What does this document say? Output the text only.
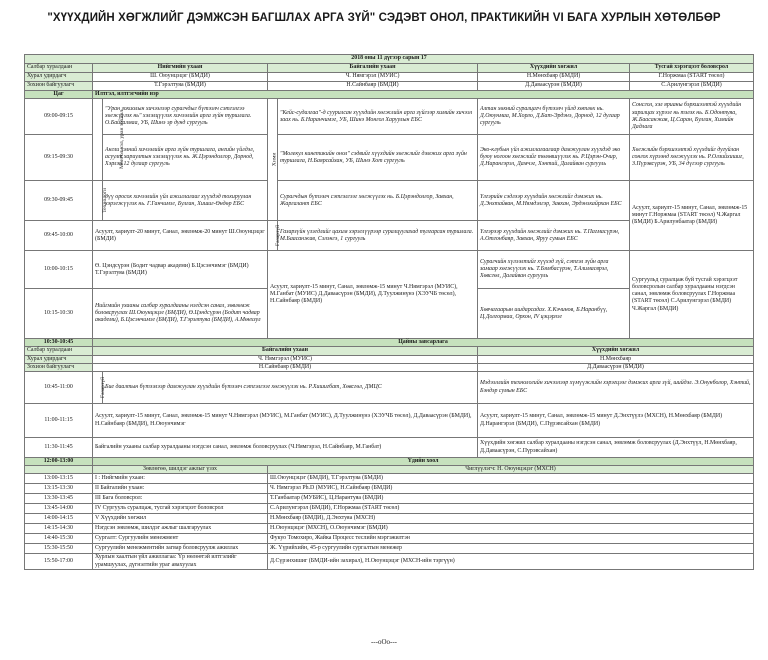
"ХҮҮХДИЙН ХӨГЖЛИЙГ ДЭМЖСЭН БАГШЛАХ АРГА ЗҮЙ" СЭДЭВТ ОНОЛ, ПРАКТИКИЙН VI БАГА ХУРЛЫН ХӨТӨЛБӨР
2018 оны 11 дүгээр сарын 17						
Салбар хуралдаан	Нийгмийн ухаан		Байгалийн ухаан		Хүүхдийн хөгжил	Тусгай хэрэгцээт боловсрол
Хурал удирдагч	Ш. Оюунцэцэг (БМДИ)		Ч. Нямгэрэл (МУИС)		Н.Мөнхбаяр (БМДИ)	Г.Норжмаа (START төсөл)
Зохион байгуулагч	Т.Гэрэлтуяа (БМДИ)		Н.Сайнбаяр (БМДИ)		Д.Даваасүрэн (БМДИ)	С.Арилунгэрэл (БМДИ)
Цаг	Илтгэл, илтгэгчийн нэр					
09:00-09:15	Монгол хэл, уран зохиол	"Уран зохиолын хичээлээр сурагчдыг бүтээлч сэтгэлгээ хөгжүүлэх нь" хэлэлцүүлэх хичээлийн арга зүйн туршлага. О.Байгалмаа, УБ, Шинэ эр дунд сургууль	Хими	"Кейс-судалгаа"-д суурилсан хүүхдийн хөгжлийн арга зүйгээр химийн хичээл заах нь. Б.Наранчимэг, УБ, Шинэ Монгол Харуулын ЕБС	Алтан хөхний суралцагч бүтээлч үйлд хөтлөх нь. Д.Оюунмаа, М.Хорло, Д.Бат-Эрдэнэ, Дорнод, 12 дугаар сургууль	Сонсгол, хэл ярианы бэрхшээлтэй хүүхдийн харилцах хүрээг нь тэлэх нь. Б.Одонтуяа, Ж.Баасанжав, Ц.Саран, Булган, Химийн Дадлага
09:15-09:30		Англи хэлний хичээлийн арга зүйн туршлага, ангийн үйлдэл, асуулт хариултын хэлэлцүүлэх нь. Ж.Цэрэндолгор, Дорнод, Хэрлэн 12 дугаар сургууль		"Молекул кинетикийн онол" сэдвийг хүүхдийн хөгжлийг дэмжих арга зүйн туршлага, Н.Баярсайхан, УБ, Шинэ Хот сургууль	Эко-клубын үйл ажиллагаагаар дамжуулан хүүхдэд эко буюу ногоон хөгжлийг төлөвшүүлэх нь. Р.Цэрэн-Очир, Д.Нарангэрэл, Дамчэг, Хэнтий, Далайван сургууль	Хөгжлийн бэрхшээлтэй хүүхдийг дугуйлан сонгох хүрээнд хөгжүүлэх нь. Р.Олзийхишиг, З.Пүрэвсүрэн, УБ, 34 дүгээр сургууль
09:30-09:45	Технологи	Зүү оросох хичээлийн үйл ажиллагааг хүүхдэд тохируулан хэрэгжүүлэх нь. Г.Ганчимэг, Булган, Хишиг-Өндөр ЕБС		Сурагчдын бүтээлч сэтгэлгээг хөгжүүлэх нь. Б.Цэрэндолгор, Завхан, Жаргалант ЕБС	Үлгэрийн сэдлээр хүүхдийн хөгжлийг дэмжих нь. Д.Энхтайван, М.Нямдэлгэр, Завхан, Эрдэнэхайрхан ЕБС	Асуулт, хариулт-15 минут, Санал, зөвлөмж-15 минут Г.Норжмаа (START төсөл) Ч.Жаргал (БМДИ) Б.Арилунбаатар (БМДИ)
09:45-10:00	Асуулт, хариулт-20 минут, Санал, зөвлөмж-20 минут Ш.Оюунцэцэг (БМДИ)		Газарзүй	Газарзүйн үзэгдлийг цахим хэрэглүүрээр суралцуулахад тулгарсан туршлага. М.Баасанжав, Сэлэнгэ, 1 сургууль	Үлгэрээр хүүхдийн хөгжлийг дэмжих нь. Т.Пагмасүрэн, А.Отгонбаяр, Завхан, Яруу сумын ЕБС	
10:00-10:15	Ө. Цэндсүрэн (Бодит чадвар академи) Б.Цэсэнчимэг (БМДИ) Т.Гэрэлтуяа (БМДИ)		Асуулт, хариулт-15 минут, Санал, зөвлөмж-15 минут Ч.Нямгэрэл (МУИС), М.Ганбат (МУИС) Д.Даваасүрэн (БМДИ), Д.Туулжинүнэ (ХЭУЧБ төсөл), Н.Сайнбаяр (БМДИ)		Сурагчийн хүлээлтийг хүүхэд зүй, сэтгэл зүйн арга замаар хөгжүүлэх нь. Т.Бямбасүрэн, Т.Алимасврэл, Хөвсгөл, Далайван сургууль	Сургуульд суралцаж буй тусгай хэрэгцээт боловсролын салбар хуралдааны нэгдсэн санал, зөвлөмж боловсруулах Г.Норжмаа (START төсөл) С.Арилунгэрэл (БМДИ) Ч.Жаргал (БМДИ)
10:15-10:30	Нийгмийн ухааны салбар хуралдааны нэгдсэн санал, зөвлөмж боловсруулах Ш.Оюунцэцэг (БМДИ), Ө.Цэндсүрэн (Бодит чадвар академи), Б.Цэсэнчимэг (БМДИ), Т.Гэрэлтуяа (БМДИ), А.Мөнхзул				Хөвчагаарын ишдарсадах. Х.Кэчинов, Б.Наранбүү, Ц.Долгормаа, Орхон, IV цэцэрлэг	
10:30-10:45	Цайны завсарлага					
Салбар хуралдаан	Байгалийн ухаан				Хүүхдийн хөгжил	
Хурал удирдагч	Ч. Нямгэрэл (МУИС)				Н.Мөнхбаяр	
Зохион байгуулагч	Н.Сайнбаяр (БМДИ)				Д.Даваасүрэн (БМДИ)	
10:45-11:00	Газарзүй	Бие даалтын бүтээлээр дамжуулан хүүхдийн бүтээлч сэтгэлгээг хөгжүүлэх нь. Р.Хишигбат, Хөвсгөл, ДМЦС			Мэдээллийн технологийн хичээлээр хүмүүжлийн хэрэгцээг дэмжих арга зүй, шийдэл. Э.Онунболор, Хэнтий, Бэндэр сумын ЕБС	
11:00-11:15	Асуулт, хариулт-15 минут, Санал, зөвлөмж-15 минут Ч.Нямгэрэл (МУИС), М.Ганбат (МУИС), Д.Туулжинүнэ (ХЭУЧБ төсөл), Д.Даваасүрэн (БМДИ), Н.Сайнбаяр (БМДИ), Н.Оюунчимэг				Асуулт, хариулт-15 минут, Санал, зөвлөмж-15 минут Д.Энхтүүлэ (МХСН), Н.Мөнхбаяр (БМДИ) Д.Нарангэрэл (БМДИ), С.Пүрэвсайхан (БМДИ)	
11:30-11:45	Байгалийн ухааны салбар хуралдааны нэгдсэн санал, зөвлөмж боловсруулах (Ч.Нямгэрэл, Н.Сайнбаяр, М.Ганбат)				Хүүхдийн хөгжил салбар хуралдааны нэгдсэн санал, зөвлөмж боловсруулах (Д.Энхтүүл, Н.Мөнхбаяр, Д.Даваасүрэн, С.Пүрэвсайхан)	
12:00-13:00	Үдийн хоол					
	Зөвлөгөө, шилдэг ажлыг үзэх		Чиглүүлэгч: Н. Оюунцэцэг (МХСН)			
13:00-13:15	I : Нийгмийн ухаан:		Ш.Оюунцэцэг (БМДИ), Т.Гэрэлтуяа (БМДИ)			
13:15-13:30	II Байгалийн ухаан:		Ч. Нямгэрэл Ph.D (МУИС), Н.Сайнбаяр (БМДИ)			
13:30-13:45	III Бага боловсрол:		Т.Ганбаатар (МУБИС), Ц.Нарантуяа (БМДИ)			
13:45-14:00	IV Сургууль суралцаж, тусгай хэрэгцээт боловсрол		С.Арилунгэрэл (БМДИ), Г.Норжмаа (START төсөл)			
14:00-14:15	V Хүүхдийн хөгжил		Н.Мөнхбаяр (БМДИ), Д.Энхтуяа (МХСН)			
14:15-14:30	Нэгдсэн зөвлөмж, шилдэг ажлыг шалгаруулах		Н.Оюунцэцэг (МХСН), О.Оюунчимэг (БМДИ)			
14:40-15:30	Сургалт: Сургуулийн менежмент		Фукуо Томохиро, Жайка Процесс теслийн мэргэжилтэн			
15:30-15:50	Сургуулийн менежментийн загвар боловсруулж ажиллах		Ж. Үүрийхийн, 45-р сургуулийн сургалтын менежер			
15:50-17:00	Хурлын хаалтын үйл ажиллагаа: Үр нөлөөтэй илтгэлийг урамшуулах, дүгнэлтийн ураг авахуулах		Д.Сүрэнхишиг (БМДИ-ийн захирал), Н.Оюунцэцэг (МХСН-ийн тэргүүн)			
---oOo---
